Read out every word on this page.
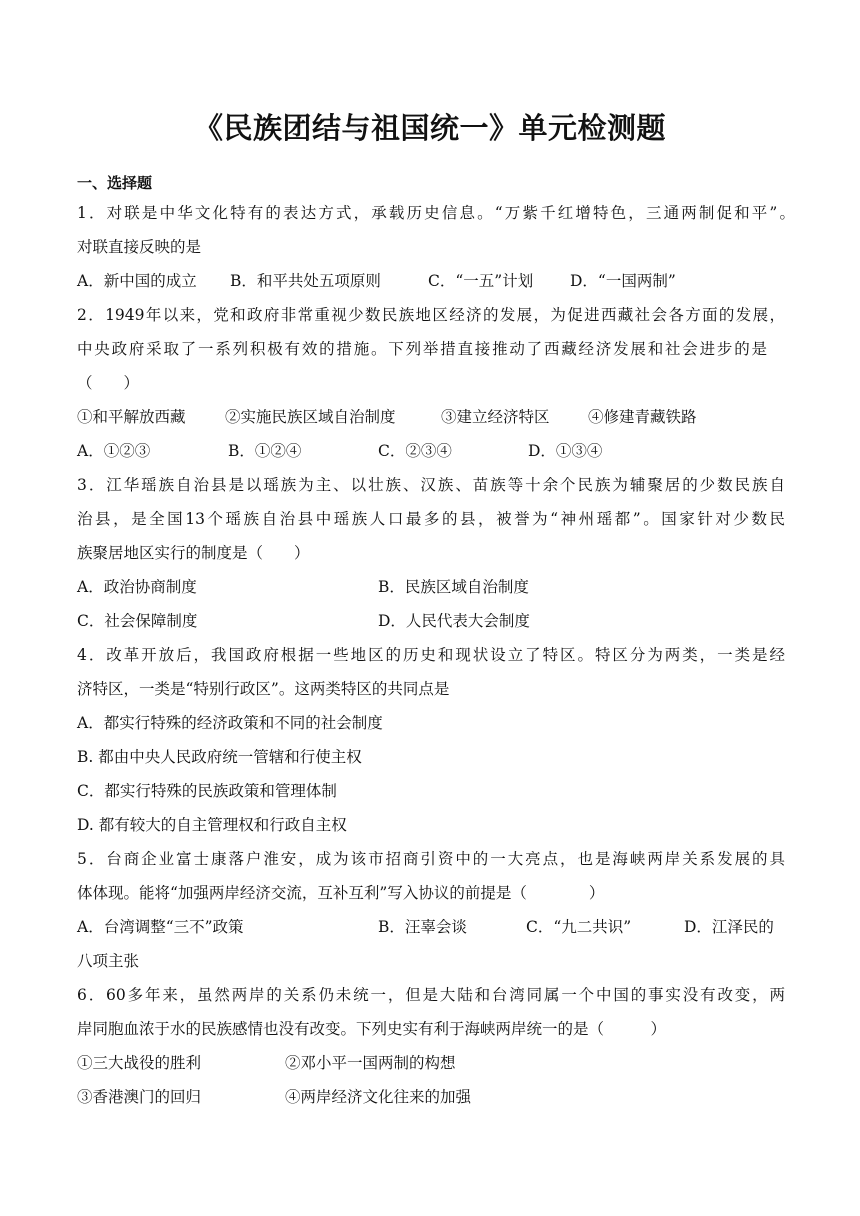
《民族团结与祖国统一》单元检测题
一、选择题
1．对联是中华文化特有的表达方式，承载历史信息。“万紫千红增特色，三通两制促和平”。
对联直接反映的是
A．新中国的成立 B．和平共处五项原则	C．“一五”计划 D．“一国两制”
2．1949年以来，党和政府非常重视少数民族地区经济的发展，为促进西藏社会各方面的发展，
中央政府采取了一系列积极有效的措施。下列举措直接推动了西藏经济发展和社会进步的是
（　　）
①和平解放西藏	②实施民族区域自治制度	③建立经济特区 ④修建青藏铁路
A．①②③	B．①②④	C．②③④	D．①③④
3．江华瑶族自治县是以瑶族为主、以壮族、汉族、苗族等十余个民族为辅聚居的少数民族自
治县，是全国13个瑶族自治县中瑶族人口最多的县，被誉为“神州瑶都”。国家针对少数民
族聚居地区实行的制度是（　　）
A．政治协商制度	B．民族区域自治制度
C．社会保障制度	D．人民代表大会制度
4．改革开放后，我国政府根据一些地区的历史和现状设立了特区。特区分为两类，一类是经
济特区，一类是“特别行政区”。这两类特区的共同点是
A．都实行特殊的经济政策和不同的社会制度
B. 都由中央人民政府统一管辖和行使主权
C．都实行特殊的民族政策和管理体制
D. 都有较大的自主管理权和行政自主权
5．台商企业富士康落户淮安，成为该市招商引资中的一大亮点，也是海峡两岸关系发展的具
体体现。能将“加强两岸经济交流，互补互利”写入协议的前提是（　　　　）
A．台湾调整“三不”政策	B．汪辜会谈	C．“九二共识”	D．江泽民的
八项主张
6．60多年来，虽然两岸的关系仍未统一，但是大陆和台湾同属一个中国的事实没有改变，两
岸同胞血浓于水的民族感情也没有改变。下列史实有利于海峡两岸统一的是（　　　）
①三大战役的胜利	②邓小平一国两制的构想
③香港澳门的回归	④两岸经济文化往来的加强
